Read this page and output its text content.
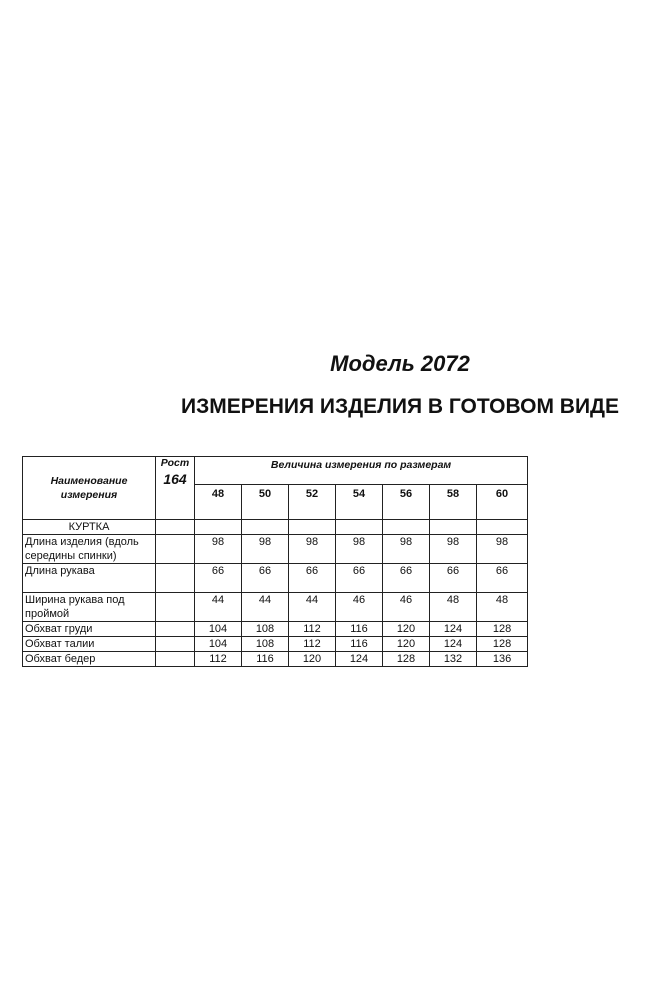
Модель 2072
ИЗМЕРЕНИЯ ИЗДЕЛИЯ В ГОТОВОМ ВИДЕ
Наименование измерения	Рост
164	Величина измерения по размерам						
		48	50	52	54	56	58	60
КУРТКА								
Длина изделия (вдоль середины спинки)		98	98	98	98	98	98	98
Длина рукава		66	66	66	66	66	66	66
Ширина рукава под проймой		44	44	44	46	46	48	48
Обхват груди		104	108	112	116	120	124	128
Обхват талии		104	108	112	116	120	124	128
Обхват бедер		112	116	120	124	128	132	136
